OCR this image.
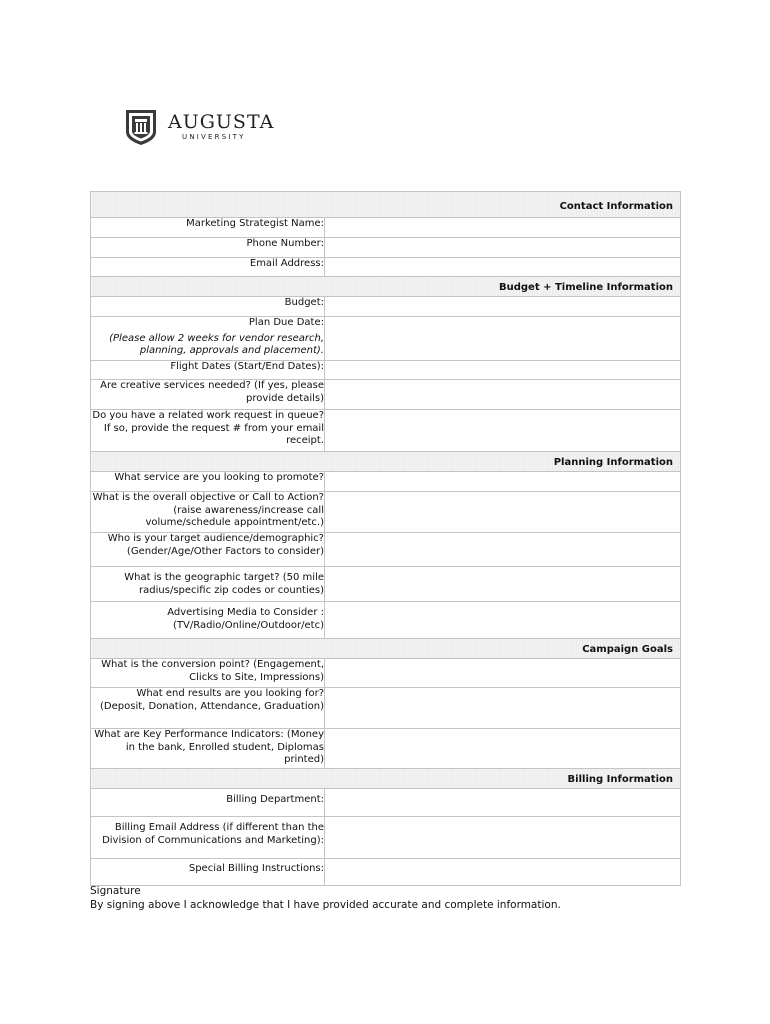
AUGUSTA
UNIVERSITY
Contact Information	
Marketing Strategist Name:	
Phone Number:	
Email Address:	
Budget + Timeline Information	
Budget:	
Plan Due Date:
(Please allow 2 weeks for vendor research, planning, approvals and placement).	

Flight Dates (Start/End Dates):	
Are creative services needed? (If yes, please provide details)	
Do you have a related work request in queue? If so, provide the request # from your email receipt.	
Planning Information	
What service are you looking to promote?	
What is the overall objective or Call to Action? (raise awareness/increase call volume/schedule appointment/etc.)	
Who is your target audience/demographic? (Gender/Age/Other Factors to consider)	
What is the geographic target? (50 mile radius/specific zip codes or counties)	
Advertising Media to Consider : (TV/Radio/Online/Outdoor/etc)	
Campaign Goals	
What is the conversion point? (Engagement, Clicks to Site, Impressions)	
What end results are you looking for? (Deposit, Donation, Attendance, Graduation)	
What are Key Performance Indicators: (Money in the bank, Enrolled student, Diplomas printed)	
Billing Information	
Billing Department:	
Billing Email Address (if different than the Division of Communications and Marketing):	
Special Billing Instructions:	
Signature
By signing above I acknowledge that I have provided accurate and complete information.
